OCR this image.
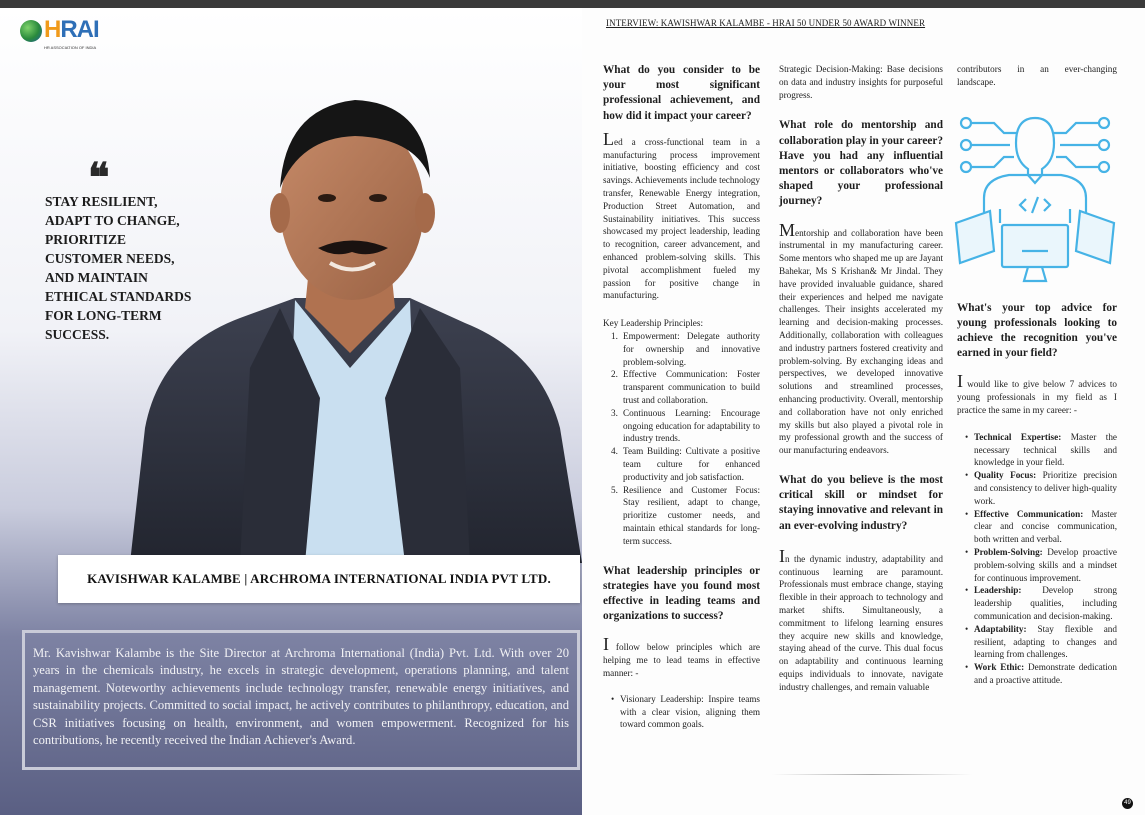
HRAI
HR ASSOCIATION OF INDIA
❝
STAY RESILIENT,
ADAPT TO CHANGE,
PRIORITIZE
CUSTOMER NEEDS,
AND MAINTAIN
ETHICAL STANDARDS
FOR LONG-TERM
SUCCESS.
KAVISHWAR KALAMBE | ARCHROMA INTERNATIONAL INDIA PVT LTD.

Mr. Kavishwar Kalambe is the Site Director at Archroma International (India) Pvt. Ltd. With over 20 years in the chemicals industry, he excels in strategic development, operations planning, and talent management. Noteworthy achievements include technology transfer, renewable energy initiatives, and sustainability projects. Committed to social impact, he actively contributes to philanthropy, education, and CSR initiatives focusing on health, environment, and women empowerment. Recognized for his contributions, he recently received the Indian Achiever's Award.

INTERVIEW: KAWISHWAR KALAMBE - HRAI 50 UNDER 50 AWARD WINNER

What do you consider to be your most significant professional achievement, and how did it impact your career?

Led a cross-functional team in a manufacturing process improvement initiative, boosting efficiency and cost savings. Achievements include technology transfer, Renewable Energy integration, Production Street Automation, and Sustainability initiatives. This success showcased my project leadership, leading to recognition, career advancement, and enhanced problem-solving skills. This pivotal accomplishment fueled my passion for positive change in manufacturing.

Key Leadership Principles:

1. Empowerment: Delegate authority for ownership and innovative problem-solving.
2. Effective Communication: Foster transparent communication to build trust and collaboration.
3. Continuous Learning: Encourage ongoing education for adaptability to industry trends.
4. Team Building: Cultivate a positive team culture for enhanced productivity and job satisfaction.
5. Resilience and Customer Focus: Stay resilient, adapt to change, prioritize customer needs, and maintain ethical standards for long-term success.

What leadership principles or strategies have you found most effective in leading teams and organizations to success?

I follow below principles which are helping me to lead teams in effective manner: -

• Visionary Leadership: Inspire teams with a clear vision, aligning them toward common goals.

Strategic Decision-Making: Base decisions on data and industry insights for purposeful progress.

What role do mentorship and collaboration play in your career? Have you had any influential mentors or collaborators who've shaped your professional journey?

Mentorship and collaboration have been instrumental in my manufacturing career. Some mentors who shaped me up are Jayant Bahekar, Ms S Krishan& Mr Jindal. They have provided invaluable guidance, shared their experiences and helped me navigate challenges. Their insights accelerated my learning and decision-making processes. Additionally, collaboration with colleagues and industry partners fostered creativity and problem-solving. By exchanging ideas and perspectives, we developed innovative solutions and streamlined processes, enhancing productivity. Overall, mentorship and collaboration have not only enriched my skills but also played a pivotal role in my professional growth and the success of our manufacturing endeavors.

What do you believe is the most critical skill or mindset for staying innovative and relevant in an ever-evolving industry?

In the dynamic industry, adaptability and continuous learning are paramount. Professionals must embrace change, staying flexible in their approach to technology and market shifts. Simultaneously, a commitment to lifelong learning ensures they acquire new skills and knowledge, staying ahead of the curve. This dual focus on adaptability and continuous learning equips individuals to innovate, navigate industry challenges, and remain valuable

contributors in an ever-changing landscape.

What's your top advice for young professionals looking to achieve the recognition you've earned in your field?

I would like to give below 7 advices to young professionals in my field as I practice the same in my career: -

• Technical Expertise: Master the necessary technical skills and knowledge in your field.
• Quality Focus: Prioritize precision and consistency to deliver high-quality work.
• Effective Communication: Master clear and concise communication, both written and verbal.
• Problem-Solving: Develop proactive problem-solving skills and a mindset for continuous improvement.
• Leadership: Develop strong leadership qualities, including communication and decision-making.
• Adaptability: Stay flexible and resilient, adapting to changes and learning from challenges.
• Work Ethic: Demonstrate dedication and a proactive attitude.
49
